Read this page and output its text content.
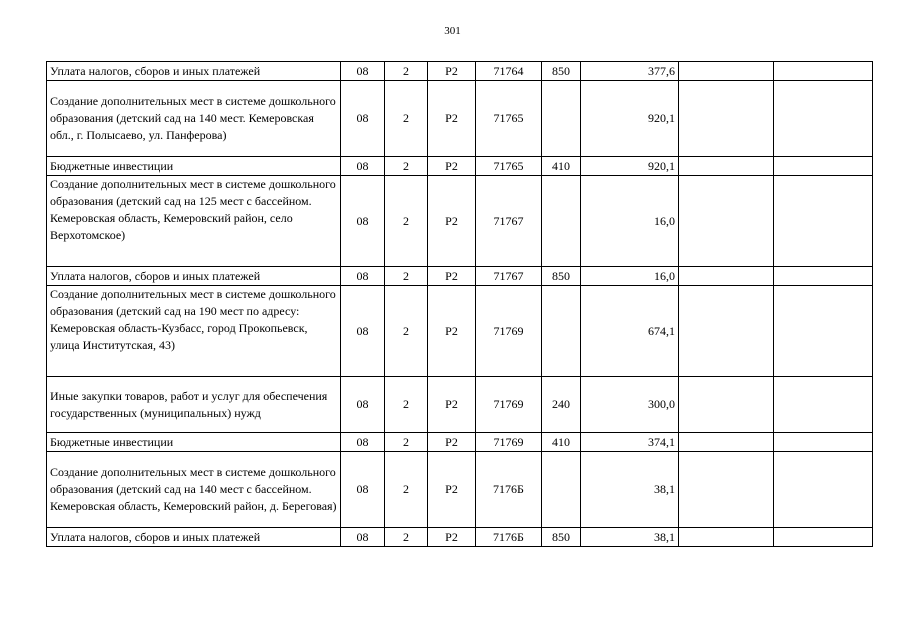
301
Уплата налогов, сборов и иных платежей	08	2	Р2	71764	850	377,6		
Создание дополнительных мест в системе дошкольного образования (детский сад на 140 мест. Кемеровская обл., г. Полысаево, ул. Панферова)	08	2	Р2	71765		920,1		
Бюджетные инвестиции	08	2	Р2	71765	410	920,1		
Создание дополнительных мест в системе дошкольного образования (детский сад на 125 мест с бассейном. Кемеровская область, Кемеровский район, село Верхотомское)	08	2	Р2	71767		16,0		
Уплата налогов, сборов и иных платежей	08	2	Р2	71767	850	16,0		
Создание дополнительных мест в системе дошкольного образования (детский сад на 190 мест по адресу: Кемеровская область-Кузбасс, город Прокопьевск, улица Институтская, 43)	08	2	Р2	71769		674,1		
Иные закупки товаров, работ и услуг для обеспечения государственных (муниципальных) нужд	08	2	Р2	71769	240	300,0		
Бюджетные инвестиции	08	2	Р2	71769	410	374,1		
Создание дополнительных мест в системе дошкольного образования (детский сад на 140 мест с бассейном. Кемеровская область, Кемеровский район, д. Береговая)	08	2	Р2	7176Б		38,1		
Уплата налогов, сборов и иных платежей	08	2	Р2	7176Б	850	38,1		
